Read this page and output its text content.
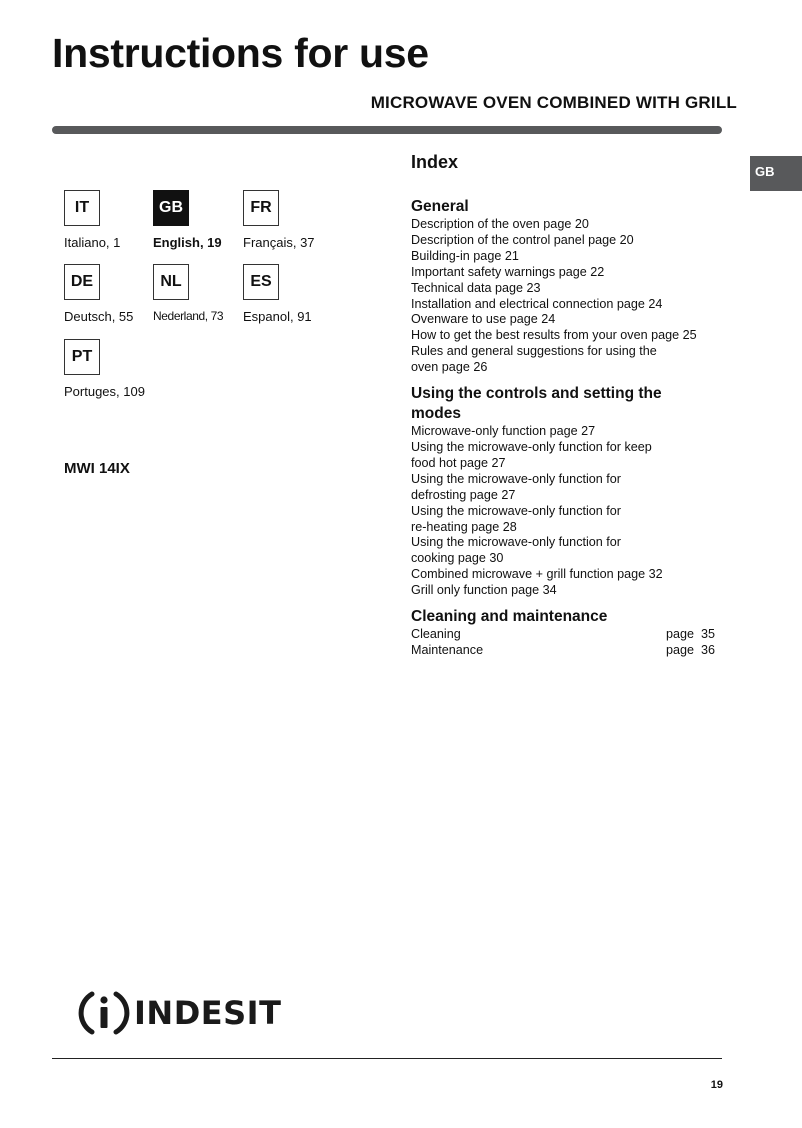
Instructions for use
MICROWAVE OVEN COMBINED WITH GRILL
GB
IT
Italiano, 1
GB
English, 19
FR
Français, 37
DE
Deutsch, 55
NL
Nederland, 73
ES
Espanol, 91
PT
Portuges, 109
MWI 14IX
Index
General
Description of the oven page 20
Description of the control panel page 20
Building-in page 21
Important safety warnings page 22
Technical data page 23
Installation and electrical connection page 24
Ovenware to use page 24
How to get the best results from your oven page 25
Rules and general suggestions for using the
oven page 26
Using the controls and setting the
modes
Microwave-only function page 27
Using the microwave-only function for keep
food hot page 27
Using the microwave-only function for
defrosting page 27
Using the microwave-only function for
re-heating page 28
Using the microwave-only function for
cooking page 30
Combined microwave + grill function page 32
Grill only function page 34
Cleaning and maintenance
Cleaning	page  35
Maintenance	page  36
INDESIT
19
